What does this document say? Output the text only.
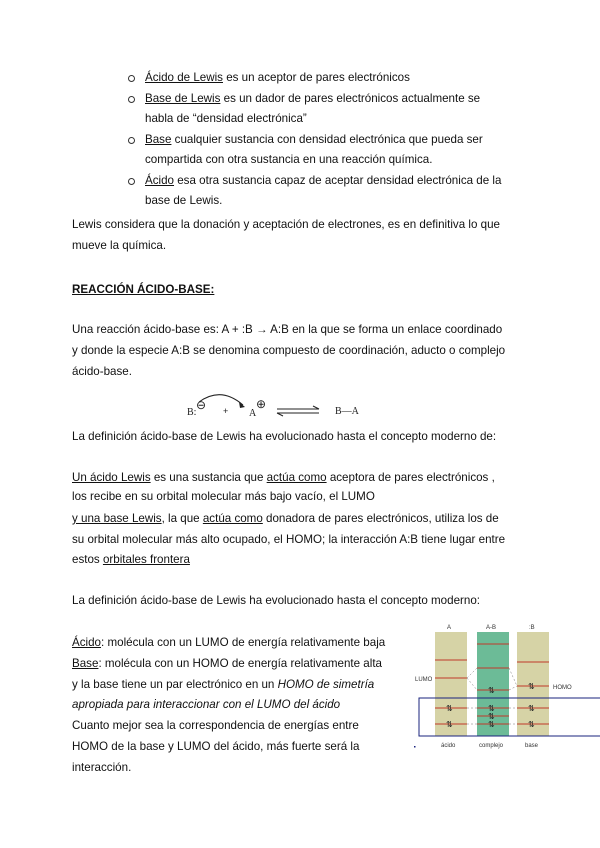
Ácido de Lewis es un aceptor de pares electrónicos
Base de Lewis es un dador de pares electrónicos actualmente se
habla de “densidad electrónica”
Base cualquier sustancia con densidad electrónica que pueda ser
compartida con otra sustancia en una reacción química.
Ácido esa otra sustancia capaz de aceptar densidad electrónica de la
base de Lewis.
Lewis considera que la donación y aceptación de electrones, es en definitiva lo que
mueve la química.
REACCIÓN ÁCIDO-BASE:
Una reacción ácido-base es: A + :B → A:B en la que se forma un enlace coordinado
y donde la especie A:B se denomina compuesto de coordinación, aducto o complejo
ácido-base.
B:
⊖ + A
⊕
B—A
La definición ácido-base de Lewis ha evolucionado hasta el concepto moderno de:
Un ácido Lewis es una sustancia que actúa como aceptora de pares electrónicos ,
los recibe en su orbital molecular más bajo vacío, el LUMO
y una base Lewis, la que actúa como donadora de pares electrónicos, utiliza los de
su orbital molecular más alto ocupado, el HOMO; la interacción A:B tiene lugar entre
estos orbitales frontera
La definición ácido-base de Lewis ha evolucionado hasta el concepto moderno:
Ácido: molécula con un LUMO de energía relativamente baja
Base: molécula con un HOMO de energía relativamente alta
y la base tiene un par electrónico en un HOMO de simetría
apropiada para interaccionar con el LUMO del ácido
Cuanto mejor sea la correspondencia de energías entre
HOMO de la base y LUMO del ácido, más fuerte será la
interacción.
A	A-B	:B
⇅	⇅
⇅	⇅	⇅
⇅
⇅	⇅	⇅
LUMO
HOMO
ácido	complejo	base
